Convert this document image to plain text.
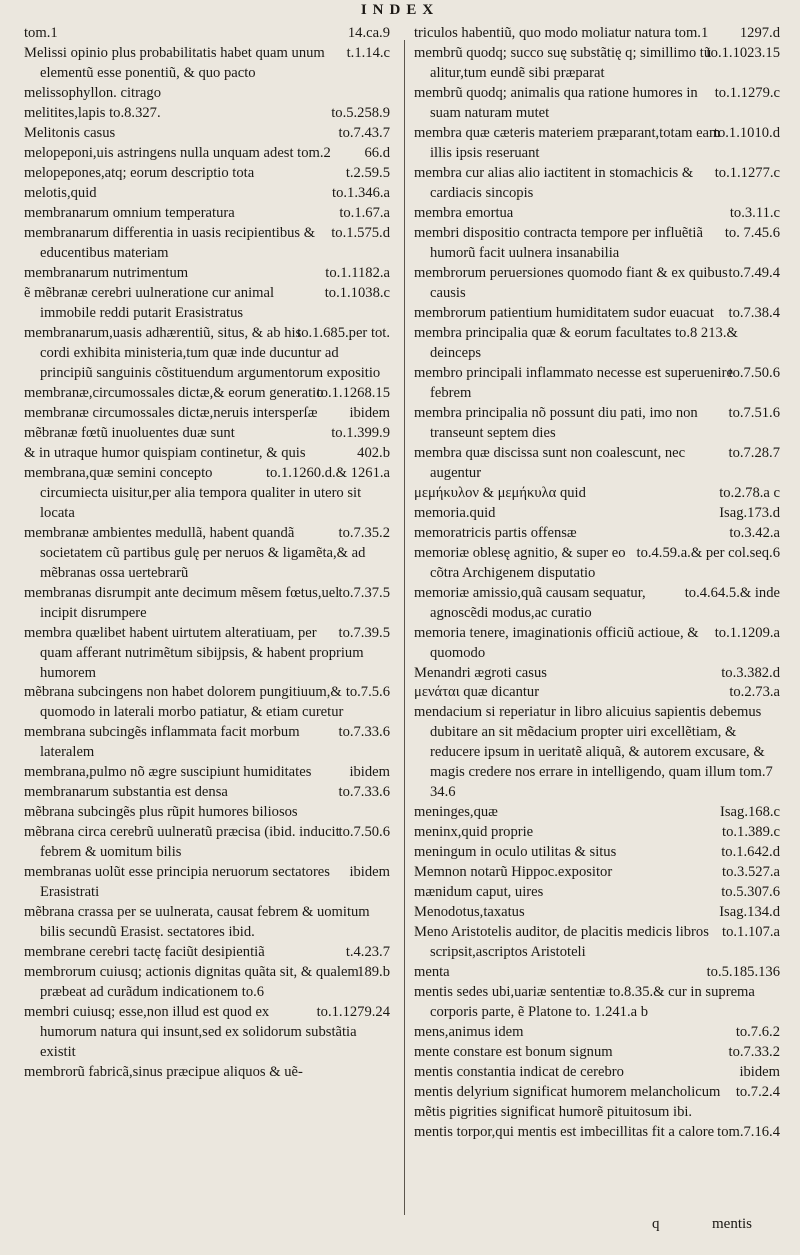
INDEX

14.ca.9
tom.1

t.1.14.c
Melissi opinio plus probabilitatis habet quam unum elementũ esse ponentiũ, & quo pacto

melissophyllon. citrago

to.5.258.9
melitites,lapis to.8.327.

to.7.43.7
Melitonis casus

66.d
melopeponi,uis astringens nulla unquam adest tom.2

t.2.59.5
melopepones,atq; eorum descriptio tota

to.1.346.a
melotis,quid

to.1.67.a
membranarum omnium temperatura

to.1.575.d
membranarum differentia in uasis recipientibus & educentibus materiam

to.1.1182.a
membranarum nutrimentum

to.1.1038.c
ẽ mẽbranæ cerebri uulneratione cur animal immobile reddi putarit Erasistratus

to.1.685.per tot.
membranarum,uasis adhærentiũ, situs, & ab his cordi exhibita ministeria,tum quæ inde ducuntur ad principiũ sanguinis cõstituendum argumentorum expositio

to.1.1268.15
membranæ,circumossales dictæ,& eorum generatio

ibidem
membranæ circumossales dictæ,neruis intersperſæ

to.1.399.9
mẽbranæ fœtũ inuoluentes duæ sunt

402.b
& in utraque humor quispiam continetur, & quis

to.1.1260.d.& 1261.a
membrana,quæ semini concepto circumiecta uisitur,per alia tempora qualiter in utero sit locata

to.7.35.2
membranæ ambientes medullã, habent quandã societatem cũ partibus gulę per neruos & ligamẽta,& ad mẽbranas ossa uertebrarũ

to.7.37.5
membranas disrumpit ante decimum mẽsem fœtus,uel incipit disrumpere

to.7.39.5
membra quælibet habent uirtutem alteratiuam, per quam afferant nutrimẽtum sibijpsis, & habent proprium humorem

to.7.5.6
mẽbrana subcingens non habet dolorem pungitiuum,& quomodo in laterali morbo patiatur, & etiam curetur

to.7.33.6
membrana subcingẽs inflammata facit morbum lateralem

ibidem
membrana,pulmo nõ ægre suscipiunt humiditates

to.7.33.6
membranarum substantia est densa

mẽbrana subcingẽs plus rũpit humores biliosos

to.7.50.6
mẽbrana circa cerebrũ uulneratũ præcisa (ibid. inducit febrem & uomitum bilis

ibidem
membranas uolũt esse principia neruorum sectatores Erasistrati

mẽbrana crassa per se uulnerata, causat febrem & uomitum bilis secundũ Erasist. sectatores ibid.

t.4.23.7
membrane cerebri tactę faciũt desipientiã

189.b
membrorum cuiusq; actionis dignitas quãta sit, & qualem præbeat ad curãdum indicationem to.6

to.1.1279.24
membri cuiusq; esse,non illud est quod ex humorum natura qui insunt,sed ex solidorum substãtia existit

membrorũ fabricã,sinus præcipue aliquos & uẽ-

1297.d
triculos habentiũ, quo modo moliatur natura tom.1

to.1.1023.15
membrũ quodq; succo suę substãtię q; simillimo tũ alitur,tum eundẽ sibi præparat

to.1.1279.c
membrũ quodq; animalis qua ratione humores in suam naturam mutet

to.1.1010.d
membra quæ cæteris materiem præparant,totam eam illis ipsis reseruant

to.1.1277.c
membra cur alias alio iactitent in stomachicis & cardiacis sincopis

to.3.11.c
membra emortua

to. 7.45.6
membri dispositio contracta tempore per influẽtiã humorũ facit uulnera insanabilia

to.7.49.4
membrorum peruersiones quomodo fiant & ex quibus causis

to.7.38.4
membrorum patientium humiditatem sudor euacuat

membra principalia quæ & eorum facultates to.8 213.& deinceps

to.7.50.6
membro principali inflammato necesse est superuenire febrem

to.7.51.6
membra principalia nõ possunt diu pati, imo non transeunt septem dies

to.7.28.7
membra quæ discissa sunt non coalescunt, nec augentur

to.2.78.a c
μεμήκυλον & μεμήκυλα quid

Isag.173.d
memoria.quid

to.3.42.a
memoratricis partis offensæ

to.4.59.a.& per col.seq.6
memoriæ oblesę agnitio, & super eo cõtra Archigenem disputatio

to.4.64.5.& inde
memoriæ amissio,quã causam sequatur, agnoscẽdi modus,ac curatio

to.1.1209.a
memoria tenere, imaginationis officiũ actioue, & quomodo

to.3.382.d
Menandri ægroti casus

to.2.73.a
μενάται quæ dicantur

mendacium si reperiatur in libro alicuius sapientis debemus dubitare an sit mẽdacium propter uiri excellẽtiam, & reducere ipsum in ueritatẽ aliquã, & autorem excusare, & magis credere nos errare in intelligendo, quam illum tom.7 34.6

Isag.168.c
meninges,quæ

to.1.389.c
meninx,quid proprie

to.1.642.d
meningum in oculo utilitas & situs

to.3.527.a
Memnon notarũ Hippoc.expositor

to.5.307.6
mænidum caput, uires

Isag.134.d
Menodotus,taxatus

to.1.107.a
Meno Aristotelis auditor, de placitis medicis libros scripsit,ascriptos Aristoteli

to.5.185.136
menta

mentis sedes ubi,uariæ sententiæ to.8.35.& cur in suprema corporis parte, ẽ Platone to. 1.241.a b

to.7.6.2
mens,animus idem

to.7.33.2
mente constare est bonum signum

ibidem
mentis constantia indicat de cerebro

to.7.2.4
mentis delyrium significat humorem melancholicum

mẽtis pigrities significat humorẽ pituitosum ibi.

tom.7.16.4
mentis torpor,qui mentis est imbecillitas fit a calore

q	mentis
